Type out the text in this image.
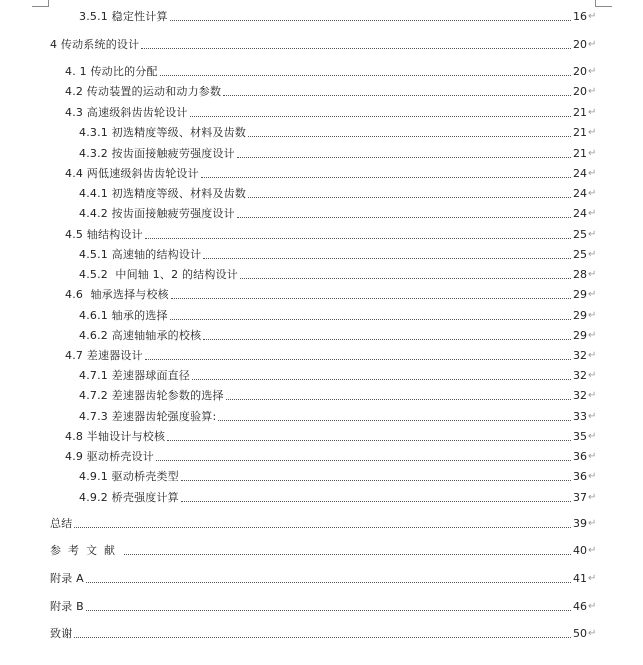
3.5.1 稳定性计算	16 ↵
4 传动系统的设计	20 ↵
4. 1 传动比的分配	20 ↵
4.2 传动装置的运动和动力参数	20 ↵
4.3 高速级斜齿齿轮设计	21 ↵
4.3.1 初选精度等级、材料及齿数	21 ↵
4.3.2 按齿面接触疲劳强度设计	21 ↵
4.4 两低速级斜齿齿轮设计	24 ↵
4.4.1 初选精度等级、材料及齿数	24 ↵
4.4.2 按齿面接触疲劳强度设计	24 ↵
4.5 轴结构设计	25 ↵
4.5.1 高速轴的结构设计	25 ↵
4.5.2  中间轴 1、2 的结构设计	28 ↵
4.6  轴承选择与校核	29 ↵
4.6.1 轴承的选择	29 ↵
4.6.2 高速轴轴承的校核	29 ↵
4.7 差速器设计	32 ↵
4.7.1 差速器球面直径	32 ↵
4.7.2 差速器齿轮参数的选择	32 ↵
4.7.3 差速器齿轮强度验算:	33 ↵
4.8 半轴设计与校核	35 ↵
4.9 驱动桥壳设计	36 ↵
4.9.1 驱动桥壳类型	36 ↵
4.9.2 桥壳强度计算	37 ↵
总结	39 ↵
参考文献	40 ↵
附录 A	41 ↵
附录 B	46 ↵
致谢	50 ↵
